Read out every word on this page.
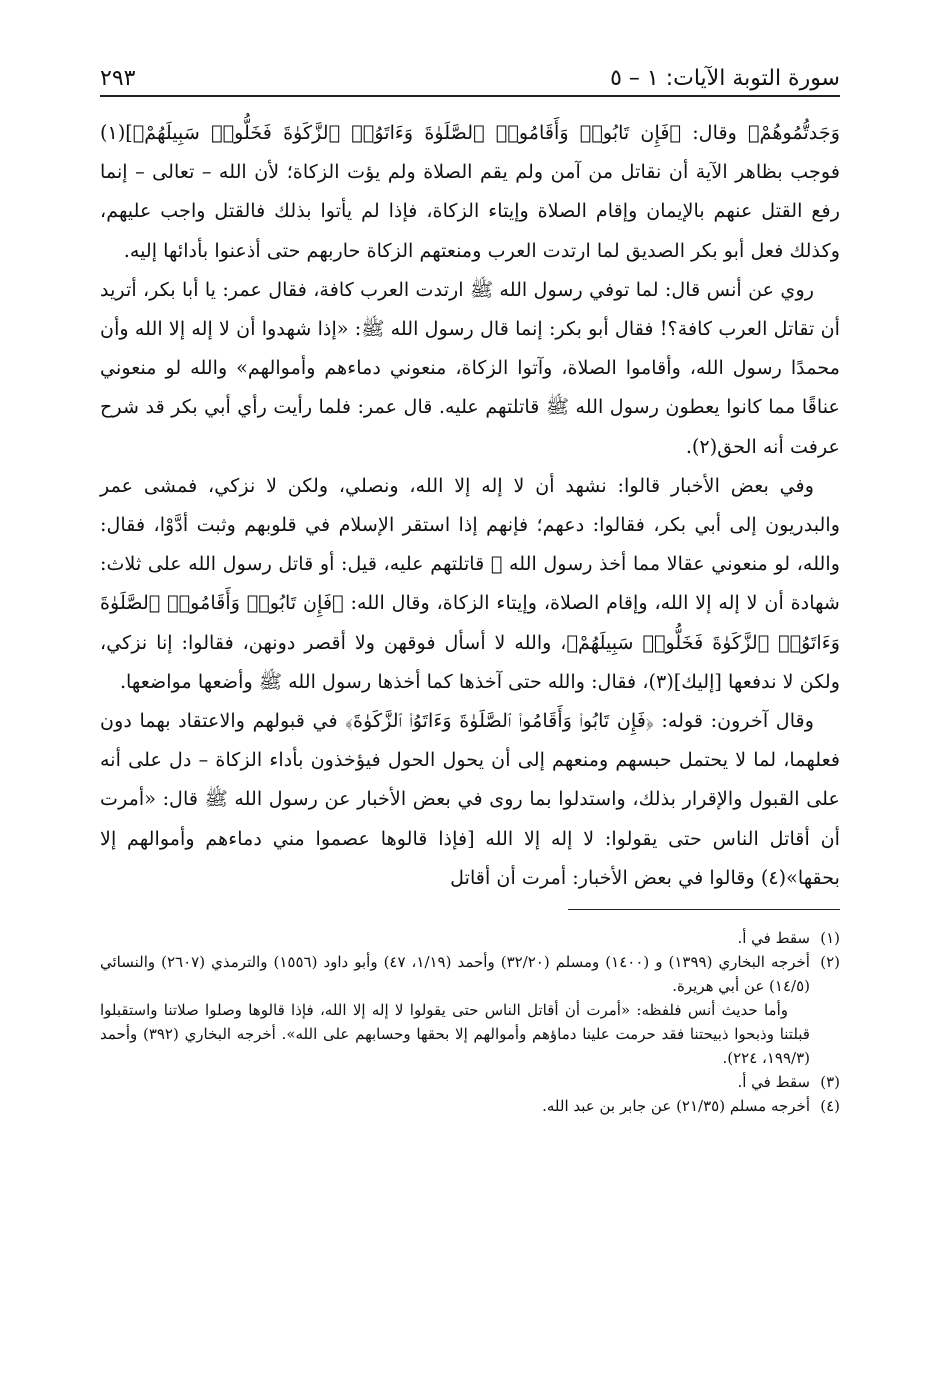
سورة التوبة الآيات: ١ – ٥
٢٩٣

وَجَدتُّمُوهُمْ﴾ وقال: ﴿فَإِن تَابُوا۟ وَأَقَامُوا۟ ٱلصَّلَوٰةَ وَءَاتَوُا۟ ٱلزَّكَوٰةَ فَخَلُّوا۟ سَبِيلَهُمْ﴾](١) فوجب بظاهر الآية أن نقاتل من آمن ولم يقم الصلاة ولم يؤت الزكاة؛ لأن الله – تعالى – إنما رفع القتل عنهم بالإيمان وإقام الصلاة وإيتاء الزكاة، فإذا لم يأتوا بذلك فالقتل واجب عليهم، وكذلك فعل أبو بكر الصديق لما ارتدت العرب ومنعتهم الزكاة حاربهم حتى أذعنوا بأدائها إليه.

روي عن أنس قال: لما توفي رسول الله ﷺ ارتدت العرب كافة، فقال عمر: يا أبا بكر، أتريد أن تقاتل العرب كافة؟! فقال أبو بكر: إنما قال رسول الله ﷺ: «إذا شهدوا أن لا إله إلا الله وأن محمدًا رسول الله، وأقاموا الصلاة، وآتوا الزكاة، منعوني دماءهم وأموالهم» والله لو منعوني عناقًا مما كانوا يعطون رسول الله ﷺ قاتلتهم عليه. قال عمر: فلما رأيت رأي أبي بكر قد شرح عرفت أنه الحق(٢).

وفي بعض الأخبار قالوا: نشهد أن لا إله إلا الله، ونصلي، ولكن لا نزكي، فمشى عمر والبدريون إلى أبي بكر، فقالوا: دعهم؛ فإنهم إذا استقر الإسلام في قلوبهم وثبت أدَّوْا، فقال: والله، لو منعوني عقالا مما أخذ رسول الله ﷺ قاتلتهم عليه، قيل: أو قاتل رسول الله على ثلاث: شهادة أن لا إله إلا الله، وإقام الصلاة، وإيتاء الزكاة، وقال الله: ﴿فَإِن تَابُوا۟ وَأَقَامُوا۟ ٱلصَّلَوٰةَ وَءَاتَوُا۟ ٱلزَّكَوٰةَ فَخَلُّوا۟ سَبِيلَهُمْ﴾، والله لا أسأل فوقهن ولا أقصر دونهن، فقالوا: إنا نزكي، ولكن لا ندفعها [إليك](٣)، فقال: والله حتى آخذها كما أخذها رسول الله ﷺ وأضعها مواضعها.

وقال آخرون: قوله: ﴿فَإِن تَابُوا۟ وَأَقَامُوا۟ ٱلصَّلَوٰةَ وَءَاتَوُا۟ ٱلزَّكَوٰةَ﴾ في قبولهم والاعتقاد بهما دون فعلهما، لما لا يحتمل حبسهم ومنعهم إلى أن يحول الحول فيؤخذون بأداء الزكاة – دل على أنه على القبول والإقرار بذلك، واستدلوا بما روى في بعض الأخبار عن رسول الله ﷺ قال: «أمرت أن أقاتل الناس حتى يقولوا: لا إله إلا الله [فإذا قالوها عصموا مني دماءهم وأموالهم إلا بحقها»(٤) وقالوا في بعض الأخبار: أمرت أن أقاتل

(١)
سقط في أ.
(٢)
أخرجه البخاري (١٣٩٩) و (١٤٠٠) ومسلم (٣٢/٢٠) وأحمد (١/١٩، ٤٧) وأبو داود (١٥٥٦) والترمذي (٢٦٠٧) والنسائي (١٤/٥) عن أبي هريرة.

وأما حديث أنس فلفظه: «أمرت أن أقاتل الناس حتى يقولوا لا إله إلا الله، فإذا قالوها وصلوا صلاتنا واستقبلوا قبلتنا وذبحوا ذبيحتنا فقد حرمت علينا دماؤهم وأموالهم إلا بحقها وحسابهم على الله». أخرجه البخاري (٣٩٢) وأحمد (١٩٩/٣، ٢٢٤).

(٣)
سقط في أ.
(٤)
أخرجه مسلم (٢١/٣٥) عن جابر بن عبد الله.
